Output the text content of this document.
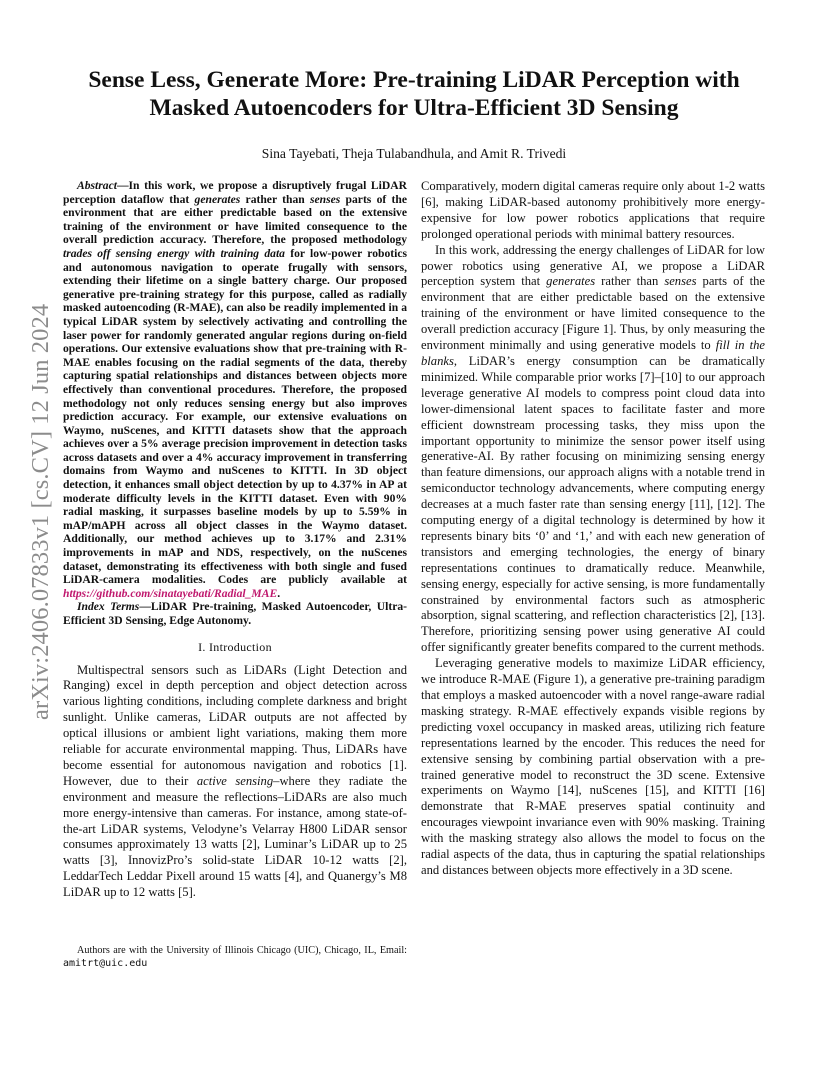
arXiv:2406.07833v1 [cs.CV] 12 Jun 2024
Sense Less, Generate More: Pre-training LiDAR Perception with Masked Autoencoders for Ultra-Efficient 3D Sensing
Sina Tayebati, Theja Tulabandhula, and Amit R. Trivedi

Abstract—In this work, we propose a disruptively frugal LiDAR perception dataflow that generates rather than senses parts of the environment that are either predictable based on the extensive training of the environment or have limited consequence to the overall prediction accuracy. Therefore, the proposed methodology trades off sensing energy with training data for low-power robotics and autonomous navigation to operate frugally with sensors, extending their lifetime on a single battery charge. Our proposed generative pre-training strategy for this purpose, called as radially masked autoencoding (R-MAE), can also be readily implemented in a typical LiDAR system by selectively activating and controlling the laser power for randomly generated angular regions during on-field operations. Our extensive evaluations show that pre-training with R-MAE enables focusing on the radial segments of the data, thereby capturing spatial relationships and distances between objects more effectively than conventional procedures. Therefore, the proposed methodology not only reduces sensing energy but also improves prediction accuracy. For example, our extensive evaluations on Waymo, nuScenes, and KITTI datasets show that the approach achieves over a 5% average precision improvement in detection tasks across datasets and over a 4% accuracy improvement in transferring domains from Waymo and nuScenes to KITTI. In 3D object detection, it enhances small object detection by up to 4.37% in AP at moderate difficulty levels in the KITTI dataset. Even with 90% radial masking, it surpasses baseline models by up to 5.59% in mAP/mAPH across all object classes in the Waymo dataset. Additionally, our method achieves up to 3.17% and 2.31% improvements in mAP and NDS, respectively, on the nuScenes dataset, demonstrating its effectiveness with both single and fused LiDAR-camera modalities. Codes are publicly available at https://github.com/sinatayebati/Radial_MAE.

Index Terms—LiDAR Pre-training, Masked Autoencoder, Ultra-Efficient 3D Sensing, Edge Autonomy.

I. Introduction

Multispectral sensors such as LiDARs (Light Detection and Ranging) excel in depth perception and object detection across various lighting conditions, including complete darkness and bright sunlight. Unlike cameras, LiDAR outputs are not affected by optical illusions or ambient light variations, making them more reliable for accurate environmental mapping. Thus, LiDARs have become essential for autonomous navigation and robotics [1]. However, due to their active sensing–where they radiate the environment and measure the reflections–LiDARs are also much more energy-intensive than cameras. For instance, among state-of-the-art LiDAR systems, Velodyne’s Velarray H800 LiDAR sensor consumes approximately 13 watts [2], Luminar’s LiDAR up to 25 watts [3], InnovizPro’s solid-state LiDAR 10-12 watts [2], LeddarTech Leddar Pixell around 15 watts [4], and Quanergy’s M8 LiDAR up to 12 watts [5].

Authors are with the University of Illinois Chicago (UIC), Chicago, IL, Email: amitrt@uic.edu

Comparatively, modern digital cameras require only about 1-2 watts [6], making LiDAR-based autonomy prohibitively more energy-expensive for low power robotics applications that require prolonged operational periods with minimal battery resources.

In this work, addressing the energy challenges of LiDAR for low power robotics using generative AI, we propose a LiDAR perception system that generates rather than senses parts of the environment that are either predictable based on the extensive training of the environment or have limited consequence to the overall prediction accuracy [Figure 1]. Thus, by only measuring the environment minimally and using generative models to fill in the blanks, LiDAR’s energy consumption can be dramatically minimized. While comparable prior works [7]–[10] to our approach leverage generative AI models to compress point cloud data into lower-dimensional latent spaces to facilitate faster and more efficient downstream processing tasks, they miss upon the important opportunity to minimize the sensor power itself using generative-AI. By rather focusing on minimizing sensing energy than feature dimensions, our approach aligns with a notable trend in semiconductor technology advancements, where computing energy decreases at a much faster rate than sensing energy [11], [12]. The computing energy of a digital technology is determined by how it represents binary bits ‘0’ and ‘1,’ and with each new generation of transistors and emerging technologies, the energy of binary representations continues to dramatically reduce. Meanwhile, sensing energy, especially for active sensing, is more fundamentally constrained by environmental factors such as atmospheric absorption, signal scattering, and reflection characteristics [2], [13]. Therefore, prioritizing sensing power using generative AI could offer significantly greater benefits compared to the current methods.

Leveraging generative models to maximize LiDAR efficiency, we introduce R-MAE (Figure 1), a generative pre-training paradigm that employs a masked autoencoder with a novel range-aware radial masking strategy. R-MAE effectively expands visible regions by predicting voxel occupancy in masked areas, utilizing rich feature representations learned by the encoder. This reduces the need for extensive sensing by combining partial observation with a pre-trained generative model to reconstruct the 3D scene. Extensive experiments on Waymo [14], nuScenes [15], and KITTI [16] demonstrate that R-MAE preserves spatial continuity and encourages viewpoint invariance even with 90% masking. Training with the masking strategy also allows the model to focus on the radial aspects of the data, thus in capturing the spatial relationships and distances between objects more effectively in a 3D scene.
